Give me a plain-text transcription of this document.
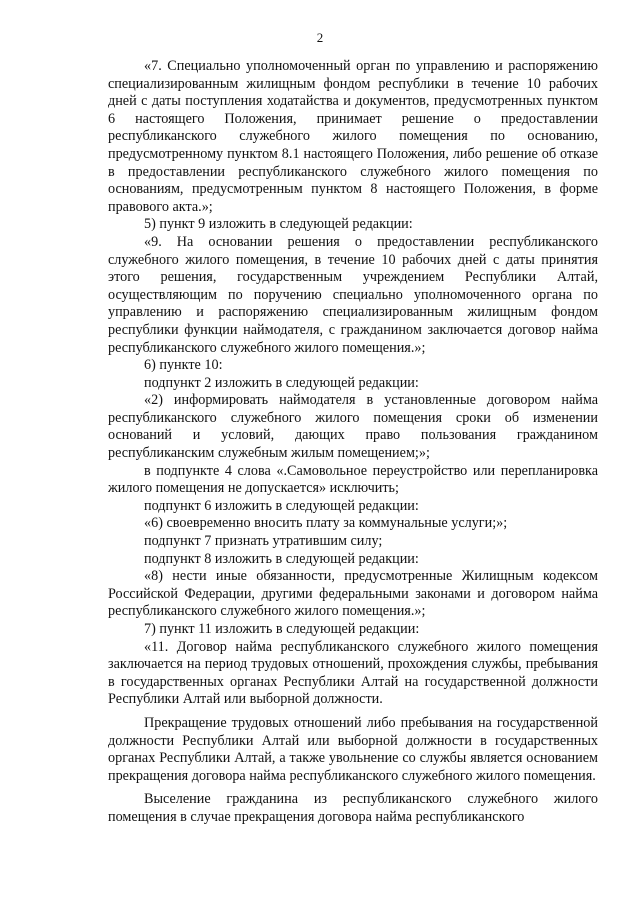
2

«7. Специально уполномоченный орган по управлению и распоряжению специализированным жилищным фондом республики в течение 10 рабочих дней с даты поступления ходатайства и документов, предусмотренных пунктом 6 настоящего Положения, принимает решение о предоставлении республиканского служебного жилого помещения по основанию, предусмотренному пунктом 8.1 настоящего Положения, либо решение об отказе в предоставлении республиканского служебного жилого помещения по основаниям, предусмотренным пунктом 8 настоящего Положения, в форме правового акта.»;

5) пункт 9 изложить в следующей редакции:

«9. На основании решения о предоставлении республиканского служебного жилого помещения, в течение 10 рабочих дней с даты принятия этого решения, государственным учреждением Республики Алтай, осуществляющим по поручению специально уполномоченного органа по управлению и распоряжению специализированным жилищным фондом республики функции наймодателя, с гражданином заключается договор найма республиканского служебного жилого помещения.»;

6) пункте 10:

подпункт 2 изложить в следующей редакции:

«2) информировать наймодателя в установленные договором найма республиканского служебного жилого помещения сроки об изменении оснований и условий, дающих право пользования гражданином республиканским служебным жилым помещением;»;

в подпункте 4 слова «.Самовольное переустройство или перепланировка жилого помещения не допускается» исключить;

подпункт 6 изложить в следующей редакции:

«6) своевременно вносить плату за коммунальные услуги;»;

подпункт 7 признать утратившим силу;

подпункт 8 изложить в следующей редакции:

«8) нести иные обязанности, предусмотренные Жилищным кодексом Российской Федерации, другими федеральными законами и договором найма республиканского служебного жилого помещения.»;

7) пункт 11 изложить в следующей редакции:

«11. Договор найма республиканского служебного жилого помещения заключается на период трудовых отношений, прохождения службы, пребывания в государственных органах Республики Алтай на государственной должности Республики Алтай или выборной должности.

Прекращение трудовых отношений либо пребывания на государственной должности Республики Алтай или выборной должности в государственных органах Республики Алтай, а также увольнение со службы является основанием прекращения договора найма республиканского служебного жилого помещения.

Выселение гражданина из республиканского служебного жилого помещения в случае прекращения договора найма республиканского
